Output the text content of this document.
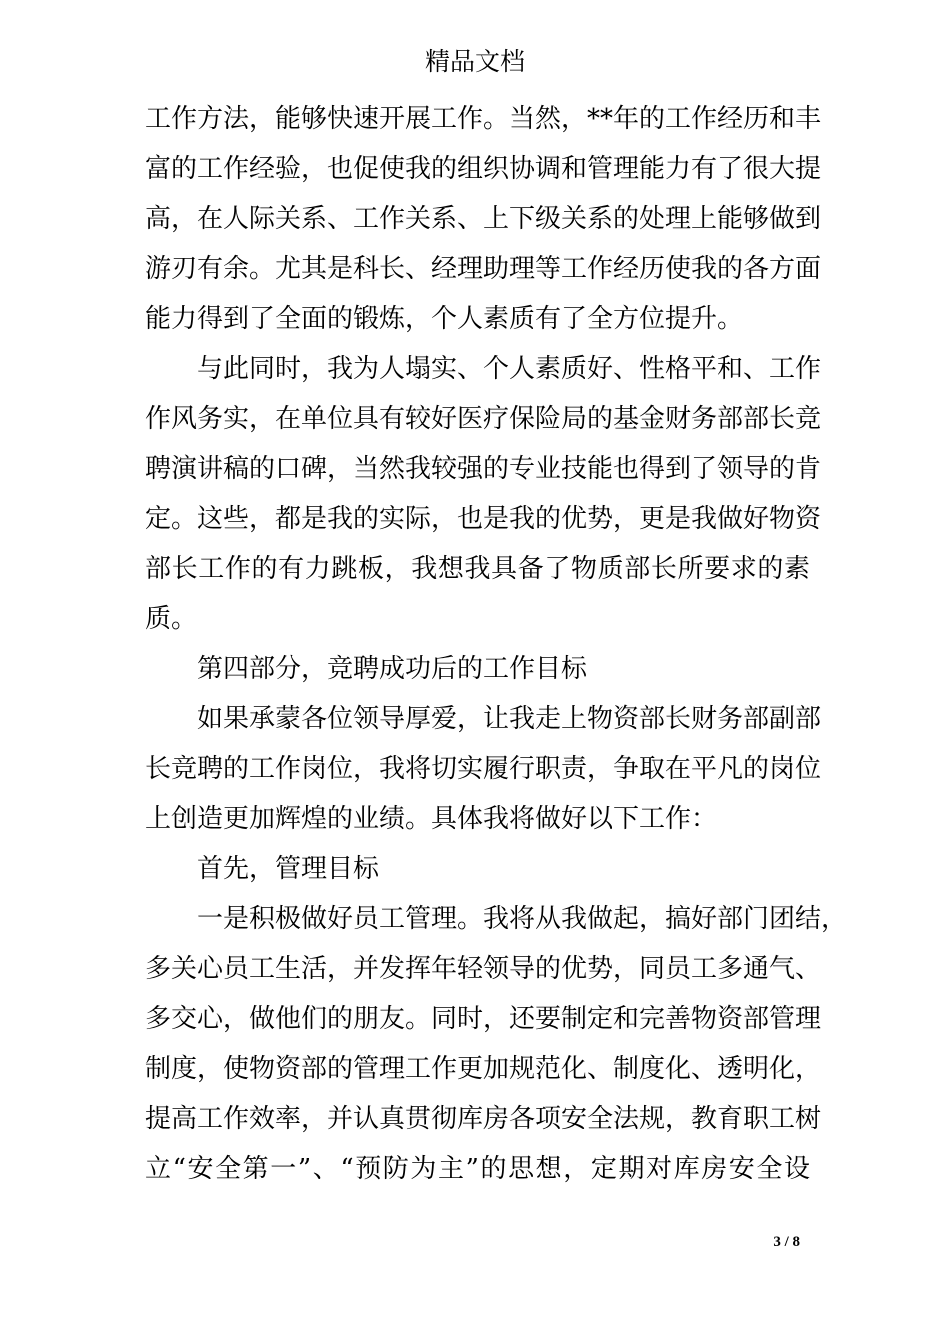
精品文档
工作方法，能够快速开展工作。当然，**年的工作经历和丰
富的工作经验，也促使我的组织协调和管理能力有了很大提
高，在人际关系、工作关系、上下级关系的处理上能够做到
游刃有余。尤其是科长、经理助理等工作经历使我的各方面
能力得到了全面的锻炼，个人素质有了全方位提升。
与此同时，我为人塌实、个人素质好、性格平和、工作
作风务实，在单位具有较好医疗保险局的基金财务部部长竞
聘演讲稿的口碑，当然我较强的专业技能也得到了领导的肯
定。这些，都是我的实际，也是我的优势，更是我做好物资
部长工作的有力跳板，我想我具备了物质部长所要求的素
质。
第四部分，竞聘成功后的工作目标
如果承蒙各位领导厚爱，让我走上物资部长财务部副部
长竞聘的工作岗位，我将切实履行职责，争取在平凡的岗位
上创造更加辉煌的业绩。具体我将做好以下工作：
首先，管理目标
一是积极做好员工管理。我将从我做起，搞好部门团结，
多关心员工生活，并发挥年轻领导的优势，同员工多通气、
多交心，做他们的朋友。同时，还要制定和完善物资部管理
制度，使物资部的管理工作更加规范化、制度化、透明化，
提高工作效率，并认真贯彻库房各项安全法规，教育职工树
立“安全第一”、“预防为主”的思想，定期对库房安全设
3 / 8
